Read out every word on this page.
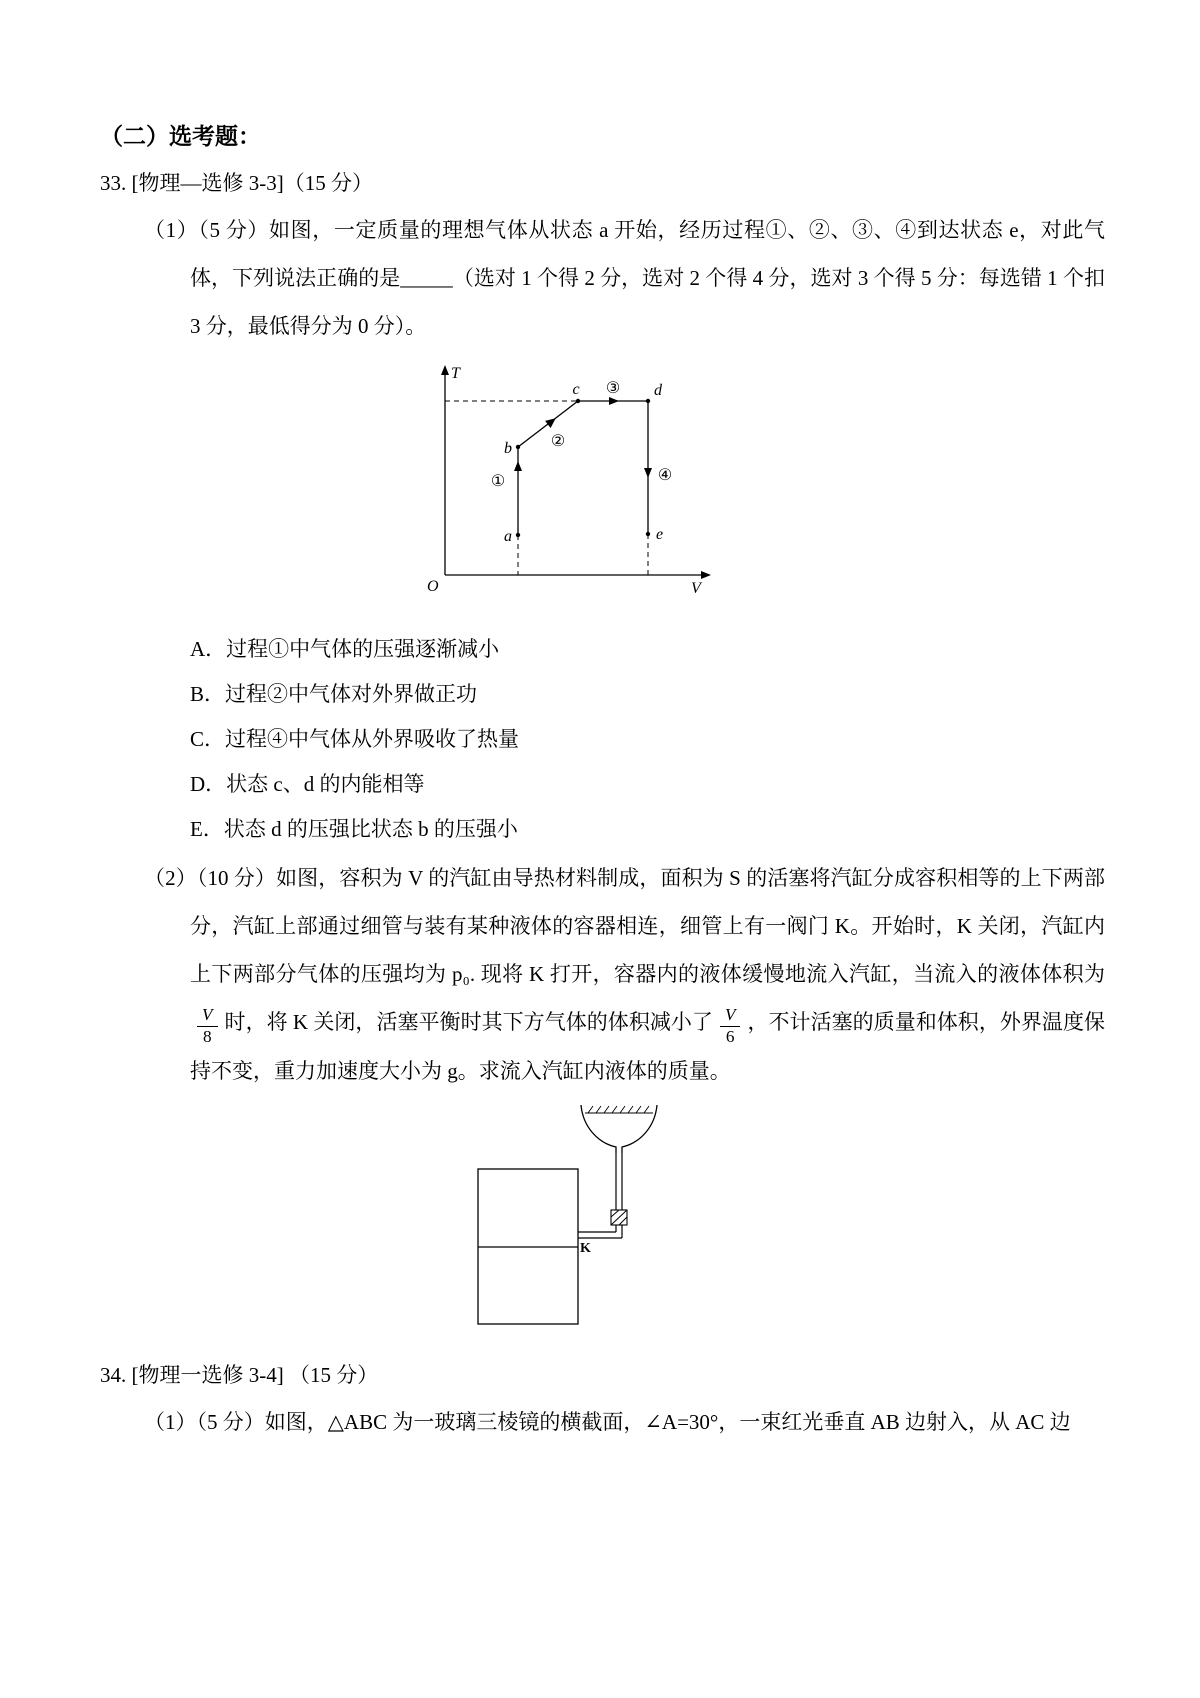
（二）选考题：
33. [物理—选修 3-3]（15 分）

（1）（5 分）如图，一定质量的理想气体从状态 a 开始，经历过程①、②、③、④到达状态 e，对此气体，下列说法正确的是_____（选对 1 个得 2 分，选对 2 个得 4 分，选对 3 个得 5 分：每选错 1 个扣 3 分，最低得分为 0 分）。

T
V
O
a
b
c	d
e
①
②
③
④
A．过程①中气体的压强逐渐减小
B．过程②中气体对外界做正功
C．过程④中气体从外界吸收了热量
D．状态 c、d 的内能相等
E．状态 d 的压强比状态 b 的压强小

（2）（10 分）如图，容积为 V 的汽缸由导热材料制成，面积为 S 的活塞将汽缸分成容积相等的上下两部分，汽缸上部通过细管与装有某种液体的容器相连，细管上有一阀门 K。开始时，K 关闭，汽缸内上下两部分气体的压强均为 p₀. 现将 K 打开，容器内的液体缓慢地流入汽缸，当流入的液体体积为
$\frac{V}{8}$ 时，将 K 关闭，活塞平衡时其下方气体的体积减小了 $\frac{V}{6}$ ，不计活塞的质量和体积，外界温度保持不变，重力加速度大小为 g。求流入汽缸内液体的质量。

K
34. [物理一选修 3-4] （15 分）

（1）（5 分）如图，△ABC 为一玻璃三棱镜的横截面，∠A=30°，一束红光垂直 AB 边射入，从 AC 边
